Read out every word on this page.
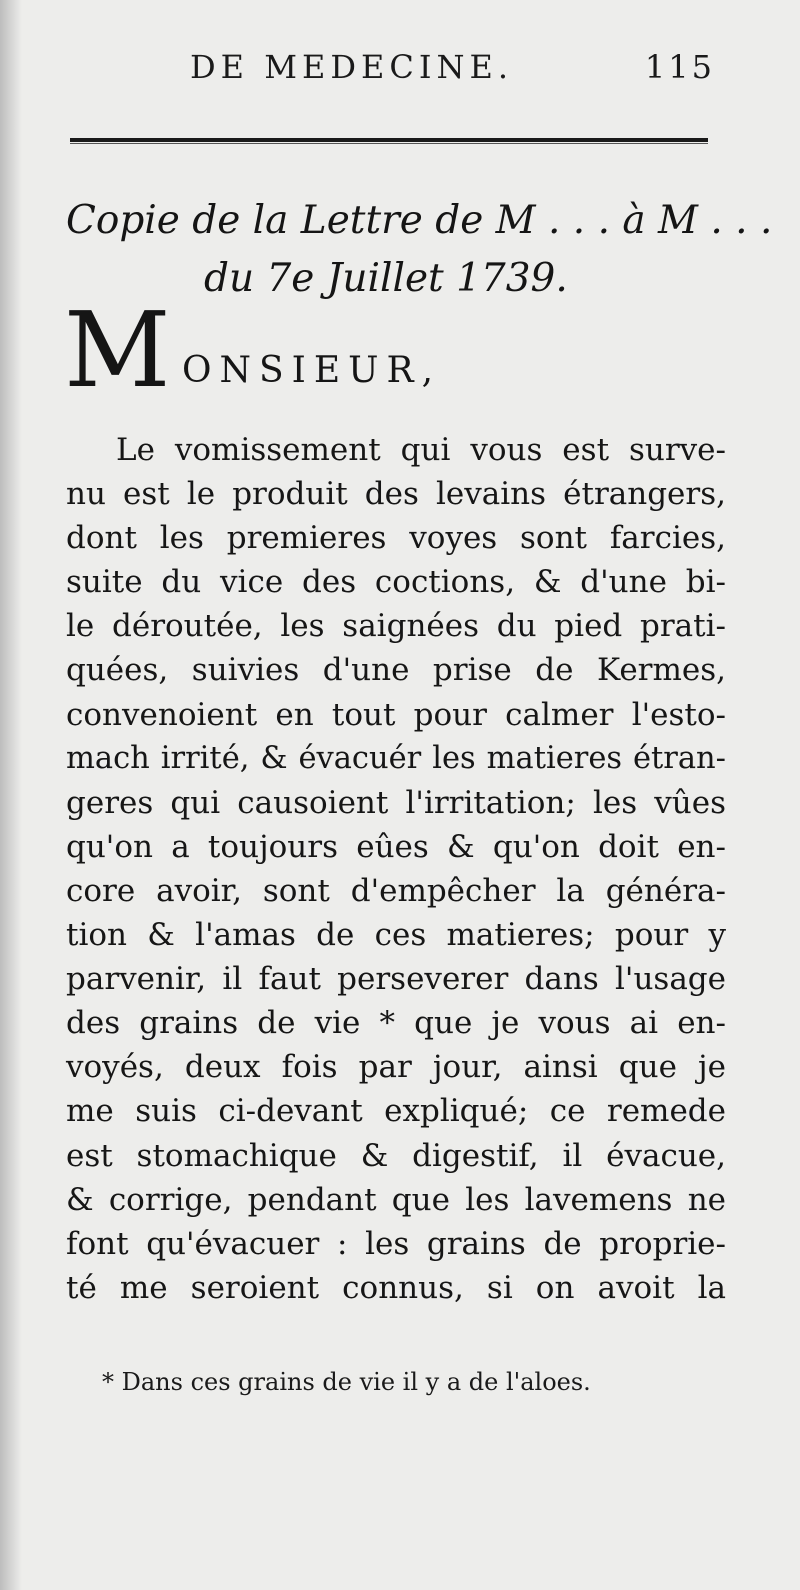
DE MEDECINE.	115
Copie de la Lettre de M . . . à M . . .
du 7e Juillet 1739.
M ONSIEUR,
Le vomissement qui vous est surve-
nu est le produit des levains étrangers,
dont les premieres voyes sont farcies,
suite du vice des coctions, & d'une bi-
le déroutée, les saignées du pied prati-
quées, suivies d'une prise de Kermes,
convenoient en tout pour calmer l'esto-
mach irrité, & évacuér les matieres étran-
geres qui causoient l'irritation; les vûes
qu'on a toujours eûes & qu'on doit en-
core avoir, sont d'empêcher la généra-
tion & l'amas de ces matieres; pour y
parvenir, il faut perseverer dans l'usage
des grains de vie * que je vous ai en-
voyés, deux fois par jour, ainsi que je
me suis ci-devant expliqué; ce remede
est stomachique & digestif, il évacue,
& corrige, pendant que les lavemens ne
font qu'évacuer : les grains de proprie-
té me seroient connus, si on avoit la
* Dans ces grains de vie il y a de l'aloes.
